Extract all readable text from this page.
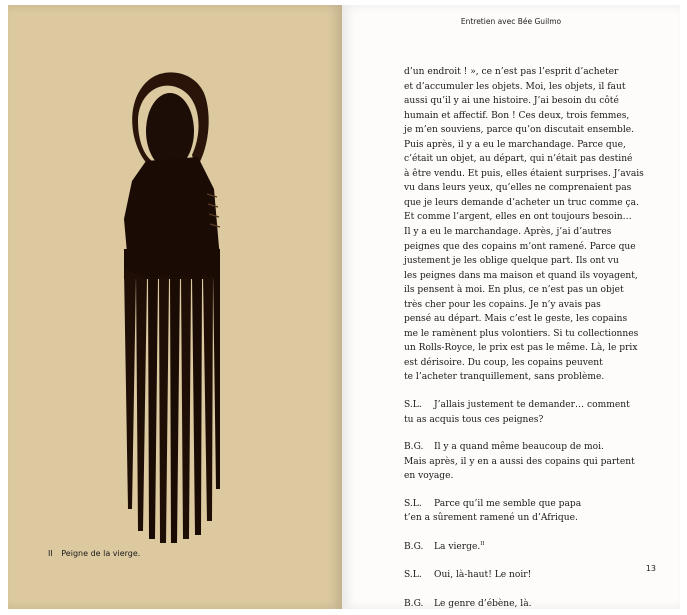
II Peigne de la vierge.
Entretien avec Bée Guilmo
d’un endroit ! », ce n’est pas l’esprit d’acheter
et d’accumuler les objets. Moi, les objets, il faut
aussi qu’il y ai une histoire. J’ai besoin du côté
humain et affectif. Bon ! Ces deux, trois femmes,
je m’en souviens, parce qu’on discutait ensemble.
Puis après, il y a eu le marchandage. Parce que,
c’était un objet, au départ, qui n’était pas destiné
à être vendu. Et puis, elles étaient surprises. J’avais
vu dans leurs yeux, qu’elles ne comprenaient pas
que je leurs demande d’acheter un truc comme ça.
Et comme l’argent, elles en ont toujours besoin…
Il y a eu le marchandage. Après, j’ai d’autres
peignes que des copains m’ont ramené. Parce que
justement je les oblige quelque part. Ils ont vu
les peignes dans ma maison et quand ils voyagent,
ils pensent à moi. En plus, ce n’est pas un objet
très cher pour les copains. Je n’y avais pas
pensé au départ. Mais c’est le geste, les copains
me le ramènent plus volontiers. Si tu collectionnes
un Rolls-Royce, le prix est pas le même. Là, le prix
est dérisoire. Du coup, les copains peuvent
te l’acheter tranquillement, sans problème.
S.L. J’allais justement te demander… comment
tu as acquis tous ces peignes?
B.G. Il y a quand même beaucoup de moi.
Mais après, il y en a aussi des copains qui partent
en voyage.
S.L. Parce qu’il me semble que papa
t’en a sûrement ramené un d’Afrique.
B.G. La vierge.$^{II}$
S.L. Oui, là-haut! Le noir!
B.G. Le genre d’ébène, là.
13
